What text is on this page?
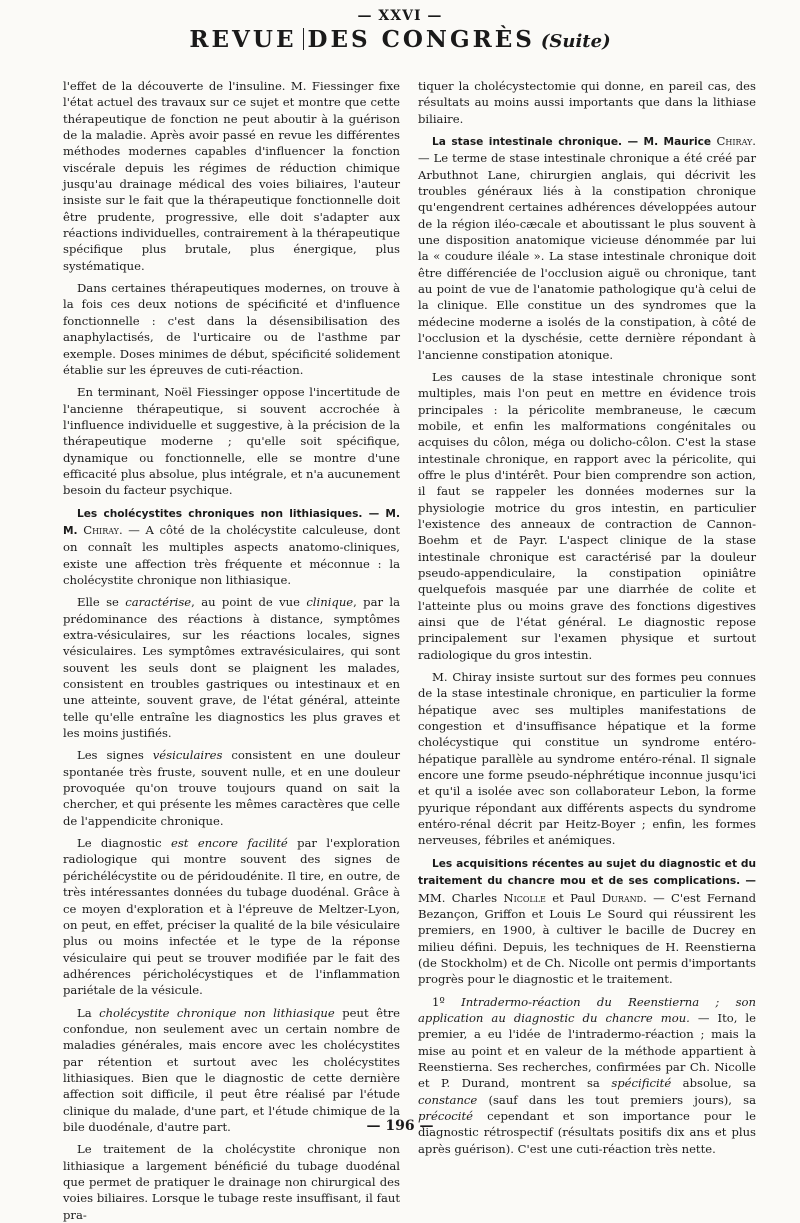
— XXVI —
REVUE DES CONGRÈS (Suite)

l'effet de la découverte de l'insuline. M. Fiessinger fixe l'état actuel des travaux sur ce sujet et montre que cette thérapeutique de fonction ne peut aboutir à la guérison de la maladie. Après avoir passé en revue les différentes méthodes modernes capables d'influencer la fonction viscérale depuis les régimes de réduction chimique jusqu'au drainage médical des voies biliaires, l'auteur insiste sur le fait que la thérapeutique fonctionnelle doit être prudente, progressive, elle doit s'adapter aux réactions individuelles, contrairement à la thérapeutique spécifique plus brutale, plus énergique, plus systématique.

Dans certaines thérapeutiques modernes, on trouve à la fois ces deux notions de spécificité et d'influence fonctionnelle : c'est dans la désensibilisation des anaphylactisés, de l'urticaire ou de l'asthme par exemple. Doses minimes de début, spécificité solidement établie sur les épreuves de cuti-réaction.

En terminant, Noël Fiessinger oppose l'incertitude de l'ancienne thérapeutique, si souvent accrochée à l'influence individuelle et suggestive, à la précision de la thérapeutique moderne ; qu'elle soit spécifique, dynamique ou fonctionnelle, elle se montre d'une efficacité plus absolue, plus intégrale, et n'a aucunement besoin du facteur psychique.

Les cholécystites chroniques non lithiasiques. — M. M. Chiray. — A côté de la cholécystite calculeuse, dont on connaît les multiples aspects anatomo-cliniques, existe une affection très fréquente et méconnue : la cholécystite chronique non lithiasique.

Elle se caractérise, au point de vue clinique, par la prédominance des réactions à distance, symptômes extra-vésiculaires, sur les réactions locales, signes vésiculaires. Les symptômes extravésiculaires, qui sont souvent les seuls dont se plaignent les malades, consistent en troubles gastriques ou intestinaux et en une atteinte, souvent grave, de l'état général, atteinte telle qu'elle entraîne les diagnostics les plus graves et les moins justifiés.

Les signes vésiculaires consistent en une douleur spontanée très fruste, souvent nulle, et en une douleur provoquée qu'on trouve toujours quand on sait la chercher, et qui présente les mêmes caractères que celle de l'appendicite chronique.

Le diagnostic est encore facilité par l'exploration radiologique qui montre souvent des signes de périchélécystite ou de péridoudénite. Il tire, en outre, de très intéressantes données du tubage duodénal. Grâce à ce moyen d'exploration et à l'épreuve de Meltzer-Lyon, on peut, en effet, préciser la qualité de la bile vésiculaire plus ou moins infectée et le type de la réponse vésiculaire qui peut se trouver modifiée par le fait des adhérences péricholécystiques et de l'inflammation pariétale de la vésicule.

La cholécystite chronique non lithiasique peut être confondue, non seulement avec un certain nombre de maladies générales, mais encore avec les cholécystites par rétention et surtout avec les cholécystites lithiasiques. Bien que le diagnostic de cette dernière affection soit difficile, il peut être réalisé par l'étude clinique du malade, d'une part, et l'étude chimique de la bile duodénale, d'autre part.

Le traitement de la cholécystite chronique non lithiasique a largement bénéficié du tubage duodénal que permet de pratiquer le drainage non chirurgical des voies biliaires. Lorsque le tubage reste insuffisant, il faut pra-

tiquer la cholécystectomie qui donne, en pareil cas, des résultats au moins aussi importants que dans la lithiase biliaire.

La stase intestinale chronique. — M. Maurice Chiray. — Le terme de stase intestinale chronique a été créé par Arbuthnot Lane, chirurgien anglais, qui décrivit les troubles généraux liés à la constipation chronique qu'engendrent certaines adhérences développées autour de la région iléo-cæcale et aboutissant le plus souvent à une disposition anatomique vicieuse dénommée par lui la « coudure iléale ». La stase intestinale chronique doit être différenciée de l'occlusion aiguë ou chronique, tant au point de vue de l'anatomie pathologique qu'à celui de la clinique. Elle constitue un des syndromes que la médecine moderne a isolés de la constipation, à côté de l'occlusion et la dyschésie, cette dernière répondant à l'ancienne constipation atonique.

Les causes de la stase intestinale chronique sont multiples, mais l'on peut en mettre en évidence trois principales : la péricolite membraneuse, le cæcum mobile, et enfin les malformations congénitales ou acquises du côlon, méga ou dolicho-côlon. C'est la stase intestinale chronique, en rapport avec la péricolite, qui offre le plus d'intérêt. Pour bien comprendre son action, il faut se rappeler les données modernes sur la physiologie motrice du gros intestin, en particulier l'existence des anneaux de contraction de Cannon-Boehm et de Payr. L'aspect clinique de la stase intestinale chronique est caractérisé par la douleur pseudo-appendiculaire, la constipation opiniâtre quelquefois masquée par une diarrhée de colite et l'atteinte plus ou moins grave des fonctions digestives ainsi que de l'état général. Le diagnostic repose principalement sur l'examen physique et surtout radiologique du gros intestin.

M. Chiray insiste surtout sur des formes peu connues de la stase intestinale chronique, en particulier la forme hépatique avec ses multiples manifestations de congestion et d'insuffisance hépatique et la forme cholécystique qui constitue un syndrome entéro-hépatique parallèle au syndrome entéro-rénal. Il signale encore une forme pseudo-néphrétique inconnue jusqu'ici et qu'il a isolée avec son collaborateur Lebon, la forme pyurique répondant aux différents aspects du syndrome entéro-rénal décrit par Heitz-Boyer ; enfin, les formes nerveuses, fébriles et anémiques.

Les acquisitions récentes au sujet du diagnostic et du traitement du chancre mou et de ses complications. — MM. Charles Nicolle et Paul Durand. — C'est Fernand Bezançon, Griffon et Louis Le Sourd qui réussirent les premiers, en 1900, à cultiver le bacille de Ducrey en milieu défini. Depuis, les techniques de H. Reenstierna (de Stockholm) et de Ch. Nicolle ont permis d'importants progrès pour le diagnostic et le traitement.

1º Intradermo-réaction du Reenstierna ; son application au diagnostic du chancre mou. — Ito, le premier, a eu l'idée de l'intradermo-réaction ; mais la mise au point et en valeur de la méthode appartient à Reenstierna. Ses recherches, confirmées par Ch. Nicolle et P. Durand, montrent sa spécificité absolue, sa constance (sauf dans les tout premiers jours), sa précocité cependant et son importance pour le diagnostic rétrospectif (résultats positifs dix ans et plus après guérison). C'est une cuti-réaction très nette.

— 196 —
